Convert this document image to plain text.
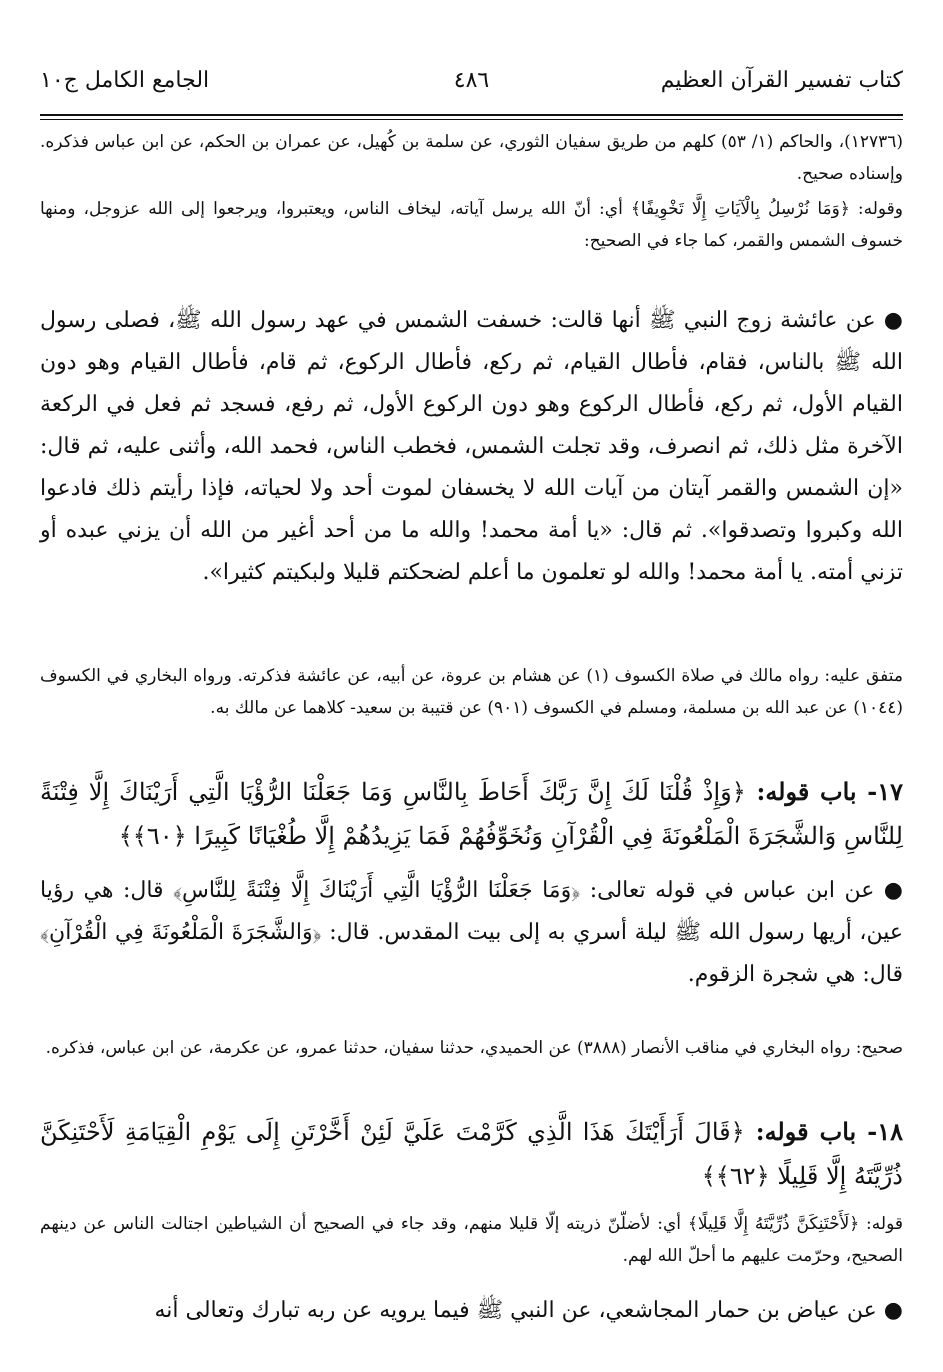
كتاب تفسير القرآن العظيم
٤٨٦
الجامع الكامل ج١٠
(١٢٧٣٦)، والحاكم (١/ ٥٣) كلهم من طريق سفيان الثوري، عن سلمة بن كُهيل، عن عمران بن الحكم، عن ابن عباس فذكره. وإسناده صحيح.
وقوله: ﴿وَمَا نُرْسِلُ بِالْآيَاتِ إِلَّا تَخْوِيفًا﴾ أي: أنّ الله يرسل آياته، ليخاف الناس، ويعتبروا، ويرجعوا إلى الله عزوجل، ومنها خسوف الشمس والقمر، كما جاء في الصحيح:
● عن عائشة زوج النبي ﷺ أنها قالت: خسفت الشمس في عهد رسول الله ﷺ، فصلى رسول الله ﷺ بالناس، فقام، فأطال القيام، ثم ركع، فأطال الركوع، ثم قام، فأطال القيام وهو دون القيام الأول، ثم ركع، فأطال الركوع وهو دون الركوع الأول، ثم رفع، فسجد ثم فعل في الركعة الآخرة مثل ذلك، ثم انصرف، وقد تجلت الشمس، فخطب الناس، فحمد الله، وأثنى عليه، ثم قال: «إن الشمس والقمر آيتان من آيات الله لا يخسفان لموت أحد ولا لحياته، فإذا رأيتم ذلك فادعوا الله وكبروا وتصدقوا». ثم قال: «يا أمة محمد! والله ما من أحد أغير من الله أن يزني عبده أو تزني أمته. يا أمة محمد! والله لو تعلمون ما أعلم لضحكتم قليلا ولبكيتم كثيرا».
متفق عليه: رواه مالك في صلاة الكسوف (١) عن هشام بن عروة، عن أبيه، عن عائشة فذكرته. ورواه البخاري في الكسوف (١٠٤٤) عن عبد الله بن مسلمة، ومسلم في الكسوف (٩٠١) عن قتيبة بن سعيد- كلاهما عن مالك به.
١٧- باب قوله: ﴿وَإِذْ قُلْنَا لَكَ إِنَّ رَبَّكَ أَحَاطَ بِالنَّاسِ وَمَا جَعَلْنَا الرُّؤْيَا الَّتِي أَرَيْنَاكَ إِلَّا فِتْنَةً لِلنَّاسِ وَالشَّجَرَةَ الْمَلْعُونَةَ فِي الْقُرْآنِ وَنُخَوِّفُهُمْ فَمَا يَزِيدُهُمْ إِلَّا طُغْيَانًا كَبِيرًا ﴿٦٠﴾﴾
● عن ابن عباس في قوله تعالى: ﴿وَمَا جَعَلْنَا الرُّؤْيَا الَّتِي أَرَيْنَاكَ إِلَّا فِتْنَةً لِلنَّاسِ﴾ قال: هي رؤيا عين، أريها رسول الله ﷺ ليلة أسري به إلى بيت المقدس. قال: ﴿وَالشَّجَرَةَ الْمَلْعُونَةَ فِي الْقُرْآنِ﴾ قال: هي شجرة الزقوم.
صحيح: رواه البخاري في مناقب الأنصار (٣٨٨٨) عن الحميدي، حدثنا سفيان، حدثنا عمرو، عن عكرمة، عن ابن عباس، فذكره.
١٨- باب قوله: ﴿قَالَ أَرَأَيْتَكَ هَذَا الَّذِي كَرَّمْتَ عَلَيَّ لَئِنْ أَخَّرْتَنِ إِلَى يَوْمِ الْقِيَامَةِ لَأَحْتَنِكَنَّ ذُرِّيَّتَهُ إِلَّا قَلِيلًا ﴿٦٢﴾﴾
قوله: ﴿لَأَحْتَنِكَنَّ ذُرِّيَّتَهُ إِلَّا قَلِيلًا﴾ أي: لأضلّنّ ذريته إلّا قليلا منهم، وقد جاء في الصحيح أن الشياطين اجتالت الناس عن دينهم الصحيح، وحرّمت عليهم ما أحلّ الله لهم.
● عن عياض بن حمار المجاشعي، عن النبي ﷺ فيما يرويه عن ربه تبارك وتعالى أنه
